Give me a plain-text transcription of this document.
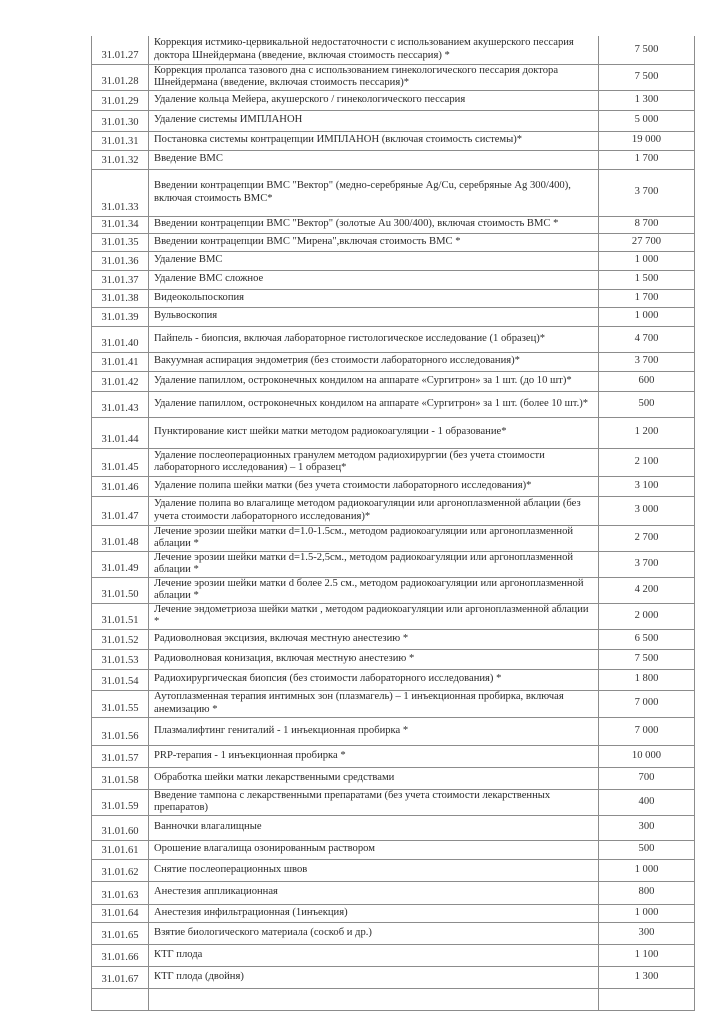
31.01.27	Коррекция истмико-цервикальной недостаточности с использованием акушерского пессария доктора Шнейдермана (введение, включая стоимость пессария) *	7 500
31.01.28	Коррекция пролапса тазового дна с использованием гинекологического пессария доктора Шнейдермана (введение, включая стоимость пессария)*	7 500
31.01.29	Удаление кольца Мейера, акушерского / гинекологического пессария	1 300
31.01.30	Удаление системы ИМПЛАНОН	5 000
31.01.31	Постановка системы контрацепции ИМПЛАНОН (включая стоимость системы)*	19 000
31.01.32	Введение ВМС	1 700
31.01.33	Введении контрацепции ВМС "Вектор" (медно-серебряные Ag/Cu, серебряные Ag 300/400), включая стоимость ВМС*	3 700
31.01.34	Введении контрацепции ВМС "Вектор" (золотые Au 300/400), включая стоимость ВМС *	8 700
31.01.35	Введении контрацепции ВМС "Мирена",включая стоимость ВМС *	27 700
31.01.36	Удаление ВМС	1 000
31.01.37	Удаление ВМС сложное	1 500
31.01.38	Видеокольпоскопия	1 700
31.01.39	Вульвоскопия	1 000
31.01.40	Пайпель - биопсия, включая лабораторное гистологическое исследование (1 образец)*	4 700
31.01.41	Вакуумная аспирация эндометрия (без стоимости лабораторного исследования)*	3 700
31.01.42	Удаление папиллом, остроконечных кондилом на аппарате «Сургитрон» за 1 шт. (до 10 шт)*	600
31.01.43	Удаление папиллом, остроконечных кондилом на аппарате «Сургитрон» за 1 шт. (более 10 шт.)*	500
31.01.44	Пунктирование кист шейки матки методом радиокоагуляции - 1 образование*	1 200
31.01.45	Удаление послеоперационных гранулем методом радиохирургии (без учета стоимости лабораторного исследования) – 1 образец*	2 100
31.01.46	Удаление полипа шейки матки (без учета стоимости лабораторного исследования)*	3 100
31.01.47	Удаление полипа во влагалище методом радиокоагуляции или аргоноплазменной аблации (без учета стоимости лабораторного исследования)*	3 000
31.01.48	Лечение эрозии шейки матки d=1.0-1.5см., методом радиокоагуляции или аргоноплазменной аблации *	2 700
31.01.49	Лечение эрозии шейки матки d=1.5-2,5см., методом радиокоагуляции или аргоноплазменной аблации *	3 700
31.01.50	Лечение эрозии шейки матки d более 2.5 см., методом радиокоагуляции или аргоноплазменной аблации *	4 200
31.01.51	Лечение эндометриоза шейки матки , методом радиокоагуляции или аргоноплазменной аблации *	2 000
31.01.52	Радиоволновая эксцизия, включая местную анестезию *	6 500
31.01.53	Радиоволновая конизация, включая местную анестезию *	7 500
31.01.54	Радиохирургическая биопсия (без стоимости лабораторного исследования) *	1 800
31.01.55	Аутоплазменная терапия интимных зон (плазмагель) – 1 инъекционная пробирка, включая анемизацию *	7 000
31.01.56	Плазмалифтинг гениталий - 1 инъекционная пробирка *	7 000
31.01.57	PRP-терапия - 1 инъекционная пробирка *	10 000
31.01.58	Обработка шейки матки лекарственными средствами	700
31.01.59	Введение тампона с лекарственными препаратами (без учета стоимости лекарственных препаратов)	400
31.01.60	Ванночки влагалищные	300
31.01.61	Орошение влагалища озонированным раствором	500
31.01.62	Снятие послеоперационных швов	1 000
31.01.63	Анестезия аппликационная	800
31.01.64	Анестезия инфильтрационная (1инъекция)	1 000
31.01.65	Взятие биологического материала (соскоб и др.)	300
31.01.66	КТГ плода	1 100
31.01.67	КТГ плода (двойня)	1 300
